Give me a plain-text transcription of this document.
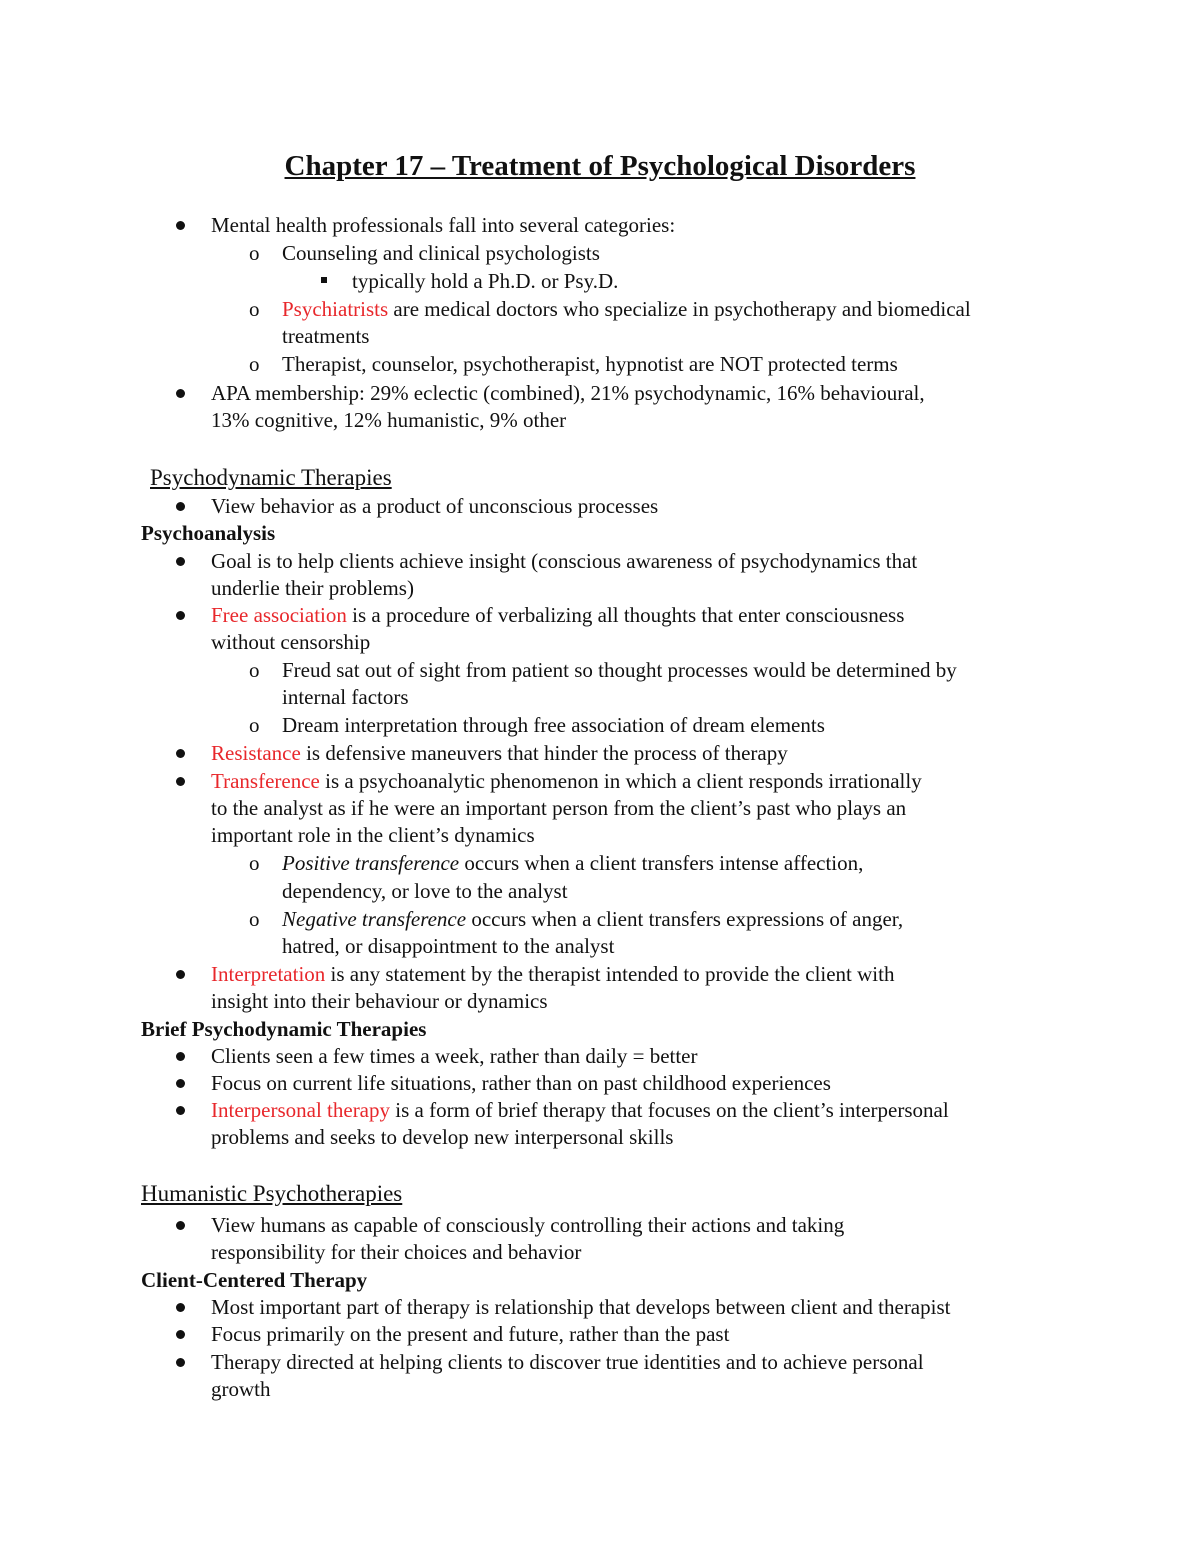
Chapter 17 – Treatment of Psychological Disorders
Mental health professionals fall into several categories:
o Counseling and clinical psychologists
typically hold a Ph.D. or Psy.D.
o Psychiatrists are medical doctors who specialize in psychotherapy and biomedical
treatments
o Therapist, counselor, psychotherapist, hypnotist are NOT protected terms
APA membership: 29% eclectic (combined), 21% psychodynamic, 16% behavioural,
13% cognitive, 12% humanistic, 9% other
Psychodynamic Therapies
View behavior as a product of unconscious processes
Psychoanalysis
Goal is to help clients achieve insight (conscious awareness of psychodynamics that
underlie their problems)
Free association is a procedure of verbalizing all thoughts that enter consciousness
without censorship
o Freud sat out of sight from patient so thought processes would be determined by
internal factors
o Dream interpretation through free association of dream elements
Resistance is defensive maneuvers that hinder the process of therapy
Transference is a psychoanalytic phenomenon in which a client responds irrationally
to the analyst as if he were an important person from the client’s past who plays an
important role in the client’s dynamics
o Positive transference occurs when a client transfers intense affection,
dependency, or love to the analyst
o Negative transference occurs when a client transfers expressions of anger,
hatred, or disappointment to the analyst
Interpretation is any statement by the therapist intended to provide the client with
insight into their behaviour or dynamics
Brief Psychodynamic Therapies
Clients seen a few times a week, rather than daily = better
Focus on current life situations, rather than on past childhood experiences
Interpersonal therapy is a form of brief therapy that focuses on the client’s interpersonal
problems and seeks to develop new interpersonal skills
Humanistic Psychotherapies
View humans as capable of consciously controlling their actions and taking
responsibility for their choices and behavior
Client-Centered Therapy
Most important part of therapy is relationship that develops between client and therapist
Focus primarily on the present and future, rather than the past
Therapy directed at helping clients to discover true identities and to achieve personal
growth
